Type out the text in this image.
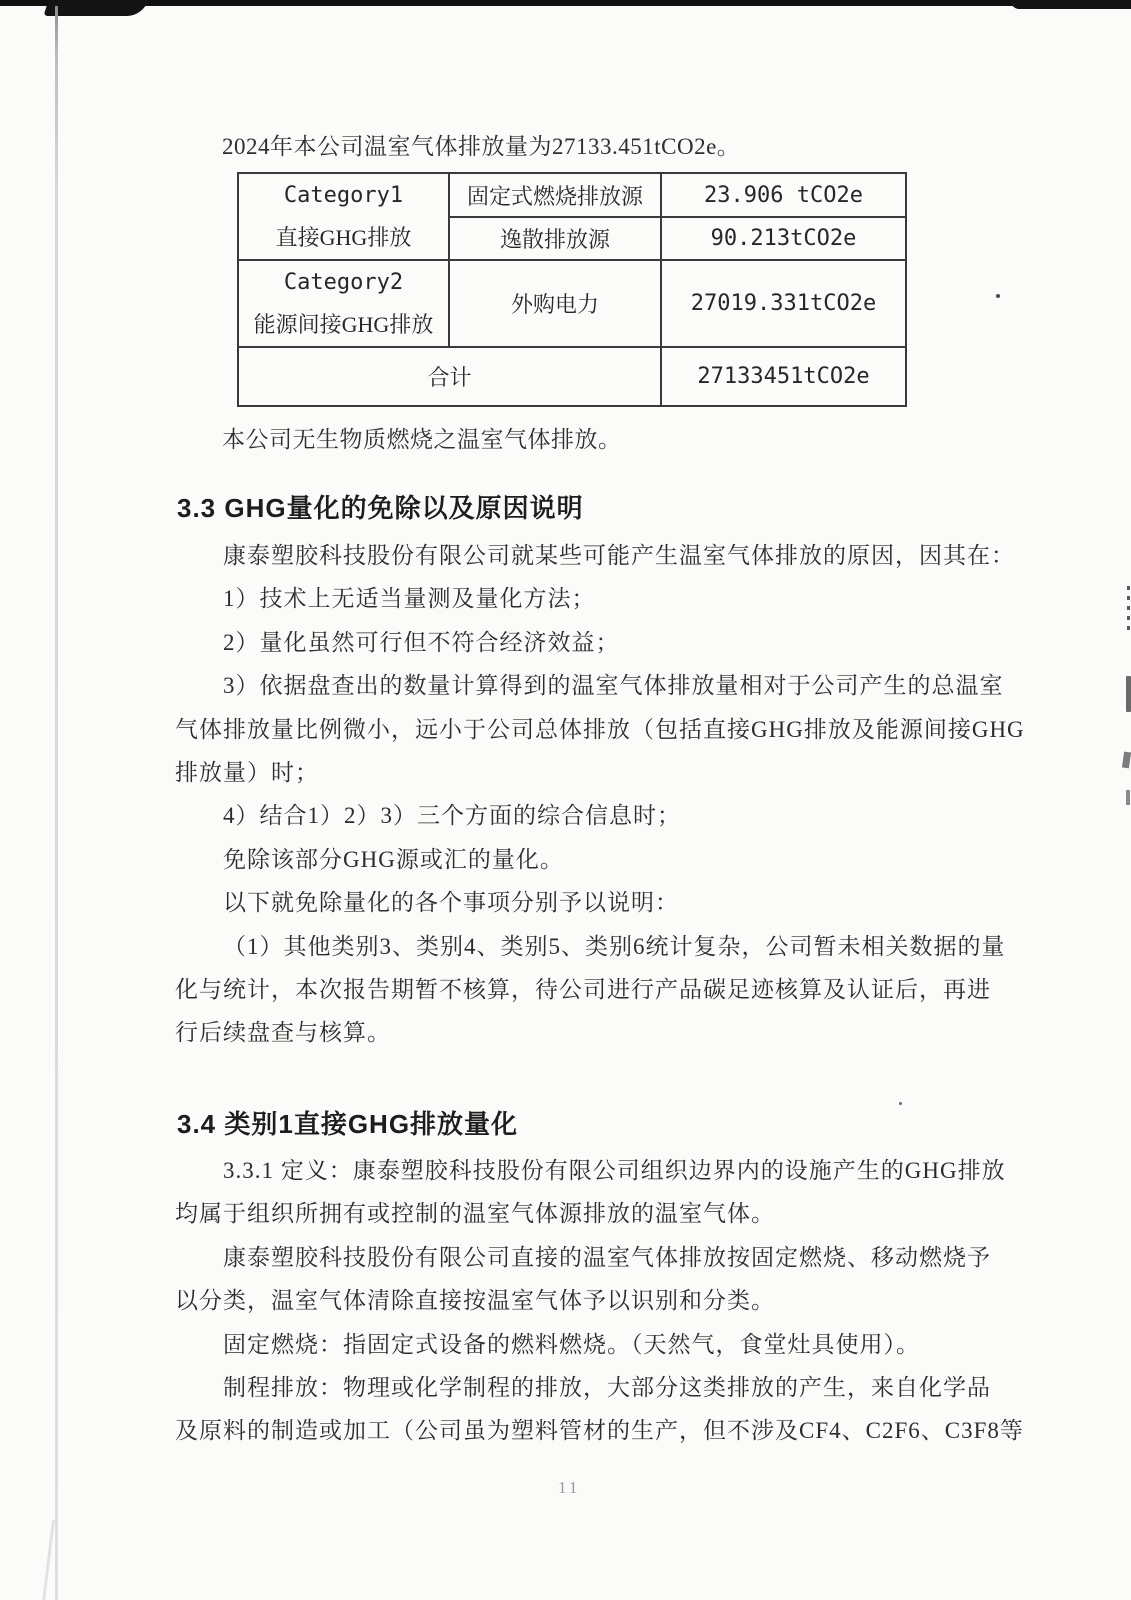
2024年本公司温室气体排放量为27133.451tCO2e。
Category1
直接GHG排放	固定式燃烧排放源	23.906 tCO2e
	逸散排放源	90.213tCO2e

Category2
能源间接GHG排放	外购电力	27019.331tCO2e
合计		27133451tCO2e
本公司无生物质燃烧之温室气体排放。
3.3 GHG量化的免除以及原因说明
康泰塑胶科技股份有限公司就某些可能产生温室气体排放的原因，因其在：
1）技术上无适当量测及量化方法；
2）量化虽然可行但不符合经济效益；
3）依据盘查出的数量计算得到的温室气体排放量相对于公司产生的总温室
气体排放量比例微小，远小于公司总体排放（包括直接GHG排放及能源间接GHG
排放量）时；
4）结合1）2）3）三个方面的综合信息时；
免除该部分GHG源或汇的量化。
以下就免除量化的各个事项分别予以说明：
（1）其他类别3、类别4、类别5、类别6统计复杂，公司暂未相关数据的量
化与统计，本次报告期暂不核算，待公司进行产品碳足迹核算及认证后，再进
行后续盘查与核算。
3.4 类别1直接GHG排放量化
3.3.1 定义：康泰塑胶科技股份有限公司组织边界内的设施产生的GHG排放
均属于组织所拥有或控制的温室气体源排放的温室气体。
康泰塑胶科技股份有限公司直接的温室气体排放按固定燃烧、移动燃烧予
以分类，温室气体清除直接按温室气体予以识别和分类。
固定燃烧：指固定式设备的燃料燃烧。（天然气，食堂灶具使用）。
制程排放：物理或化学制程的排放，大部分这类排放的产生，来自化学品
及原料的制造或加工（公司虽为塑料管材的生产，但不涉及CF4、C2F6、C3F8等
11
